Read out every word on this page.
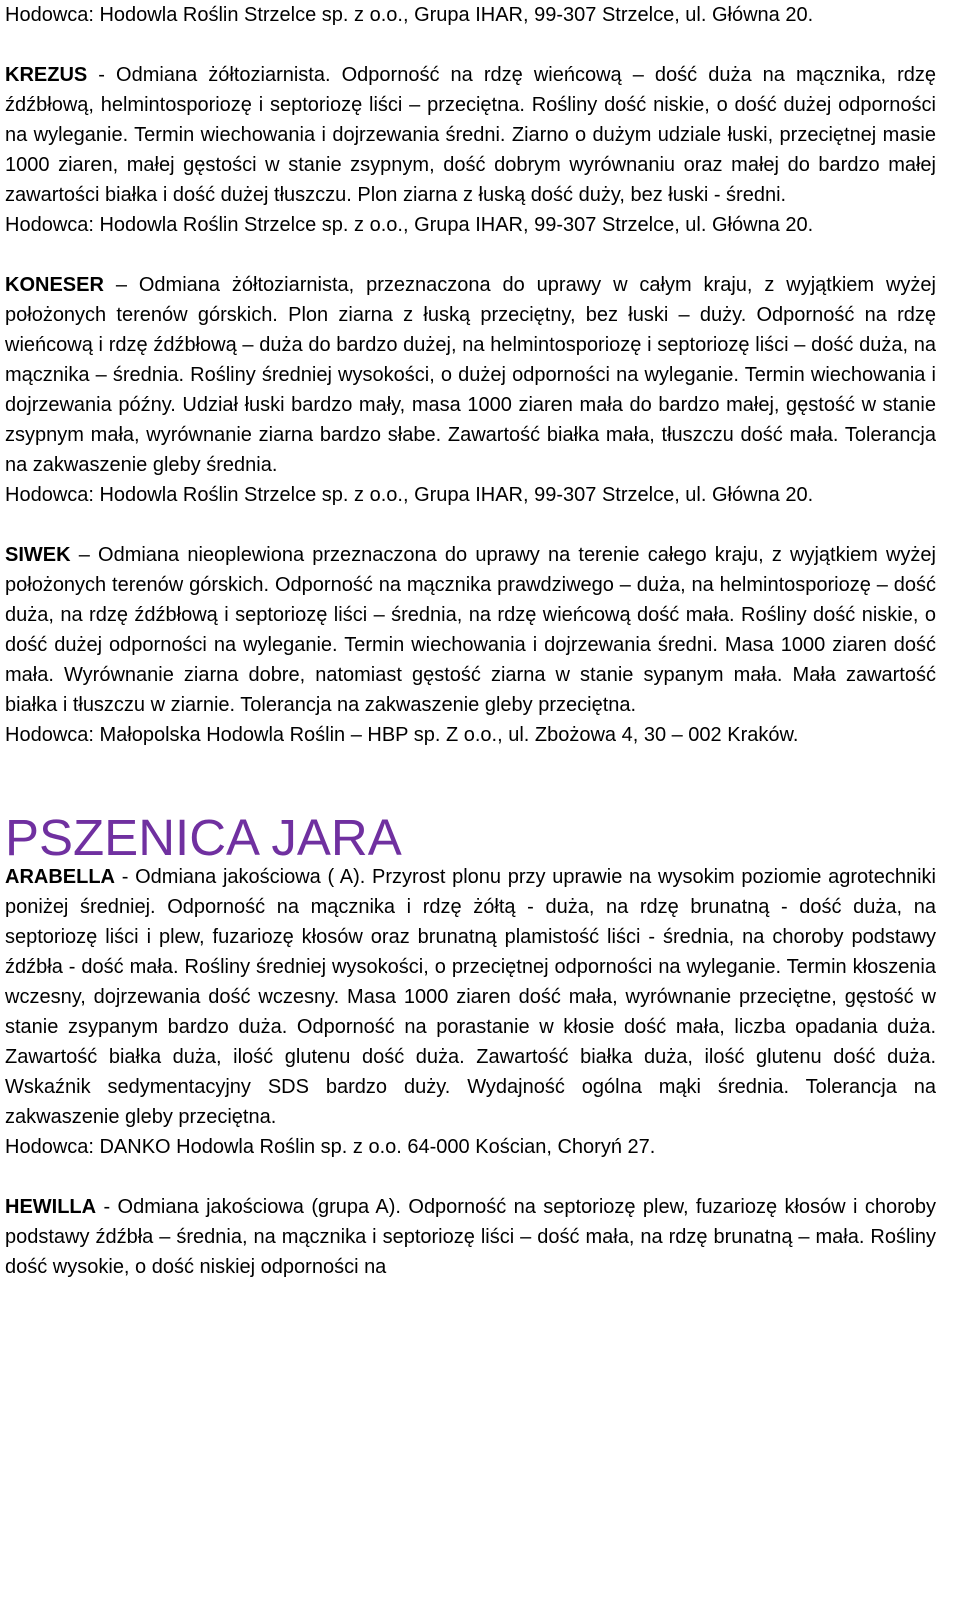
Hodowca: Hodowla Roślin Strzelce sp. z o.o., Grupa IHAR, 99-307 Strzelce, ul. Główna 20.

KREZUS - Odmiana żółtoziarnista. Odporność na rdzę wieńcową – dość duża na mącznika, rdzę źdźbłową, helmintosporiozę i septoriozę liści – przeciętna. Rośliny dość niskie, o dość dużej odporności na wyleganie. Termin wiechowania i dojrzewania średni. Ziarno o dużym udziale łuski, przeciętnej masie 1000 ziaren, małej gęstości w stanie zsypnym, dość dobrym wyrównaniu oraz małej do bardzo małej zawartości białka i dość dużej tłuszczu. Plon ziarna z łuską dość duży, bez łuski - średni.

Hodowca: Hodowla Roślin Strzelce sp. z o.o., Grupa IHAR, 99-307 Strzelce, ul. Główna 20.

KONESER – Odmiana żółtoziarnista, przeznaczona do uprawy w całym kraju, z wyjątkiem wyżej położonych terenów górskich. Plon ziarna z łuską przeciętny, bez łuski – duży. Odporność na rdzę wieńcową i rdzę źdźbłową – duża do bardzo dużej, na helmintosporiozę i septoriozę liści – dość duża, na mącznika – średnia. Rośliny średniej wysokości, o dużej odporności na wyleganie. Termin wiechowania i dojrzewania późny. Udział łuski bardzo mały, masa 1000 ziaren mała do bardzo małej, gęstość w stanie zsypnym mała, wyrównanie ziarna bardzo słabe. Zawartość białka mała, tłuszczu dość mała. Tolerancja na zakwaszenie gleby średnia.

Hodowca: Hodowla Roślin Strzelce sp. z o.o., Grupa IHAR, 99-307 Strzelce, ul. Główna 20.

SIWEK – Odmiana nieoplewiona przeznaczona do uprawy na terenie całego kraju, z wyjątkiem wyżej położonych terenów górskich. Odporność na mącznika prawdziwego – duża, na helmintosporiozę – dość duża, na rdzę źdźbłową i septoriozę liści – średnia, na rdzę wieńcową dość mała. Rośliny dość niskie, o dość dużej odporności na wyleganie. Termin wiechowania i dojrzewania średni. Masa 1000 ziaren dość mała. Wyrównanie ziarna dobre, natomiast gęstość ziarna w stanie sypanym mała. Mała zawartość białka i tłuszczu w ziarnie. Tolerancja na zakwaszenie gleby przeciętna.

Hodowca: Małopolska Hodowla Roślin – HBP sp. Z o.o., ul. Zbożowa 4, 30 – 002 Kraków.

PSZENICA JARA

ARABELLA - Odmiana jakościowa ( A). Przyrost plonu przy uprawie na wysokim poziomie agrotechniki poniżej średniej. Odporność na mącznika i rdzę żółtą - duża, na rdzę brunatną - dość duża, na septoriozę liści i plew, fuzariozę kłosów oraz brunatną plamistość liści - średnia, na choroby podstawy źdźbła - dość mała. Rośliny średniej wysokości, o przeciętnej odporności na wyleganie. Termin kłoszenia wczesny, dojrzewania dość wczesny. Masa 1000 ziaren dość mała, wyrównanie przeciętne, gęstość w stanie zsypanym bardzo duża. Odporność na porastanie w kłosie dość mała, liczba opadania duża. Zawartość białka duża, ilość glutenu dość duża. Zawartość białka duża, ilość glutenu dość duża. Wskaźnik sedymentacyjny SDS bardzo duży. Wydajność ogólna mąki średnia. Tolerancja na zakwaszenie gleby przeciętna.

Hodowca: DANKO Hodowla Roślin sp. z o.o. 64-000 Kościan, Choryń 27.

HEWILLA - Odmiana jakościowa (grupa A). Odporność na septoriozę plew, fuzariozę kłosów i choroby podstawy źdźbła – średnia, na mącznika i septoriozę liści – dość mała, na rdzę brunatną – mała. Rośliny dość wysokie, o dość niskiej odporności na
